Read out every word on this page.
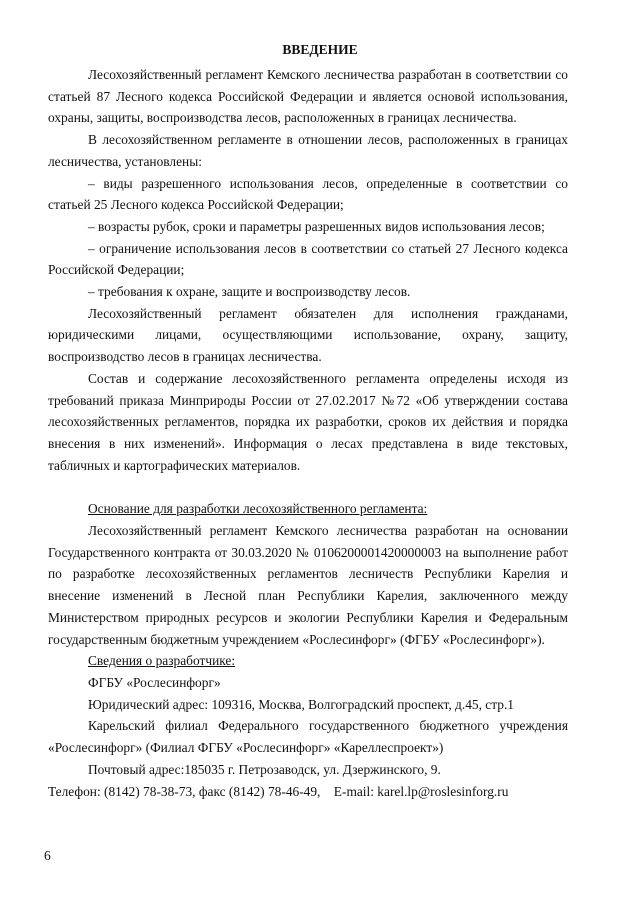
ВВЕДЕНИЕ

Лесохозяйственный регламент Кемского лесничества разработан в соответствии со статьей 87 Лесного кодекса Российской Федерации и является основой использования, охраны, защиты, воспроизводства лесов, расположенных в границах лесничества.

В лесохозяйственном регламенте в отношении лесов, расположенных в границах лесничества, установлены:

– виды разрешенного использования лесов, определенные в соответствии со статьей 25 Лесного кодекса Российской Федерации;

– возрасты рубок, сроки и параметры разрешенных видов использования лесов;

– ограничение использования лесов в соответствии со статьей 27 Лесного кодекса Российской Федерации;

– требования к охране, защите и воспроизводству лесов.

Лесохозяйственный регламент обязателен для исполнения гражданами, юридическими лицами, осуществляющими использование, охрану, защиту, воспроизводство лесов в границах лесничества.

Состав и содержание лесохозяйственного регламента определены исходя из требований приказа Минприроды России от 27.02.2017 №72 «Об утверждении состава лесохозяйственных регламентов, порядка их разработки, сроков их действия и порядка внесения в них изменений». Информация о лесах представлена в виде текстовых, табличных и картографических материалов.

Основание для разработки лесохозяйственного регламента:

Лесохозяйственный регламент Кемского лесничества разработан на основании Государственного контракта от 30.03.2020 № 0106200001420000003 на выполнение работ по разработке лесохозяйственных регламентов лесничеств Республики Карелия и внесение изменений в Лесной план Республики Карелия, заключенного между Министерством природных ресурсов и экологии Республики Карелия и Федеральным государственным бюджетным учреждением «Рослесинфорг» (ФГБУ «Рослесинфорг»).

Сведения о разработчике:

ФГБУ «Рослесинфорг»

Юридический адрес: 109316, Москва, Волгоградский проспект, д.45, стр.1

Карельский филиал Федерального государственного бюджетного учреждения «Рослесинфорг» (Филиал ФГБУ «Рослесинфорг» «Кареллеспроект»)

Почтовый адрес:185035 г. Петрозаводск, ул. Дзержинского, 9.

Телефон: (8142) 78-38-73, факс (8142) 78-46-49,    E-mail: karel.lp@roslesinforg.ru

6
